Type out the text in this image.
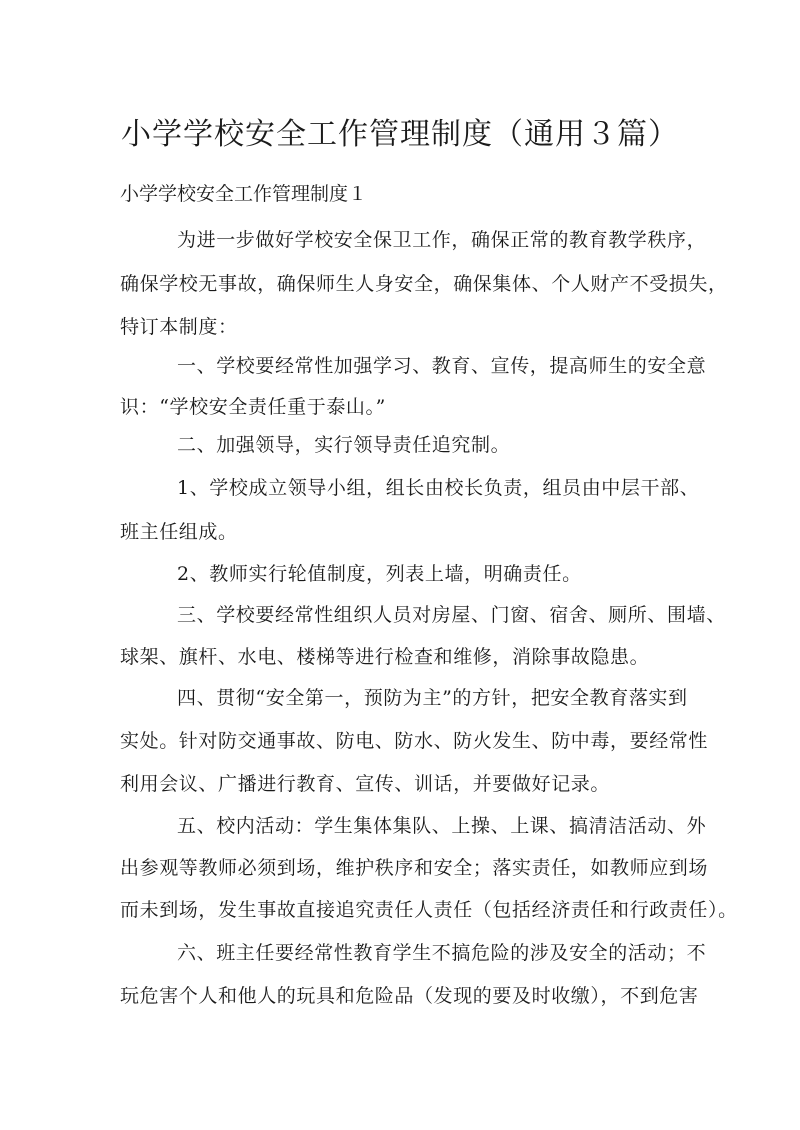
小学学校安全工作管理制度（通用３篇）
小学学校安全工作管理制度１
为进一步做好学校安全保卫工作，确保正常的教育教学秩序，
确保学校无事故，确保师生人身安全，确保集体、个人财产不受损失，
特订本制度：
一、学校要经常性加强学习、教育、宣传，提高师生的安全意
识：“学校安全责任重于泰山。”
二、加强领导，实行领导责任追究制。
1、学校成立领导小组，组长由校长负责，组员由中层干部、
班主任组成。
2、教师实行轮值制度，列表上墙，明确责任。
三、学校要经常性组织人员对房屋、门窗、宿舍、厕所、围墙、
球架、旗杆、水电、楼梯等进行检查和维修，消除事故隐患。
四、贯彻“安全第一，预防为主”的方针，把安全教育落实到
实处。针对防交通事故、防电、防水、防火发生、防中毒，要经常性
利用会议、广播进行教育、宣传、训话，并要做好记录。
五、校内活动：学生集体集队、上操、上课、搞清洁活动、外
出参观等教师必须到场，维护秩序和安全；落实责任，如教师应到场
而未到场，发生事故直接追究责任人责任（包括经济责任和行政责任）。
六、班主任要经常性教育学生不搞危险的涉及安全的活动；不
玩危害个人和他人的玩具和危险品（发现的要及时收缴），不到危害
